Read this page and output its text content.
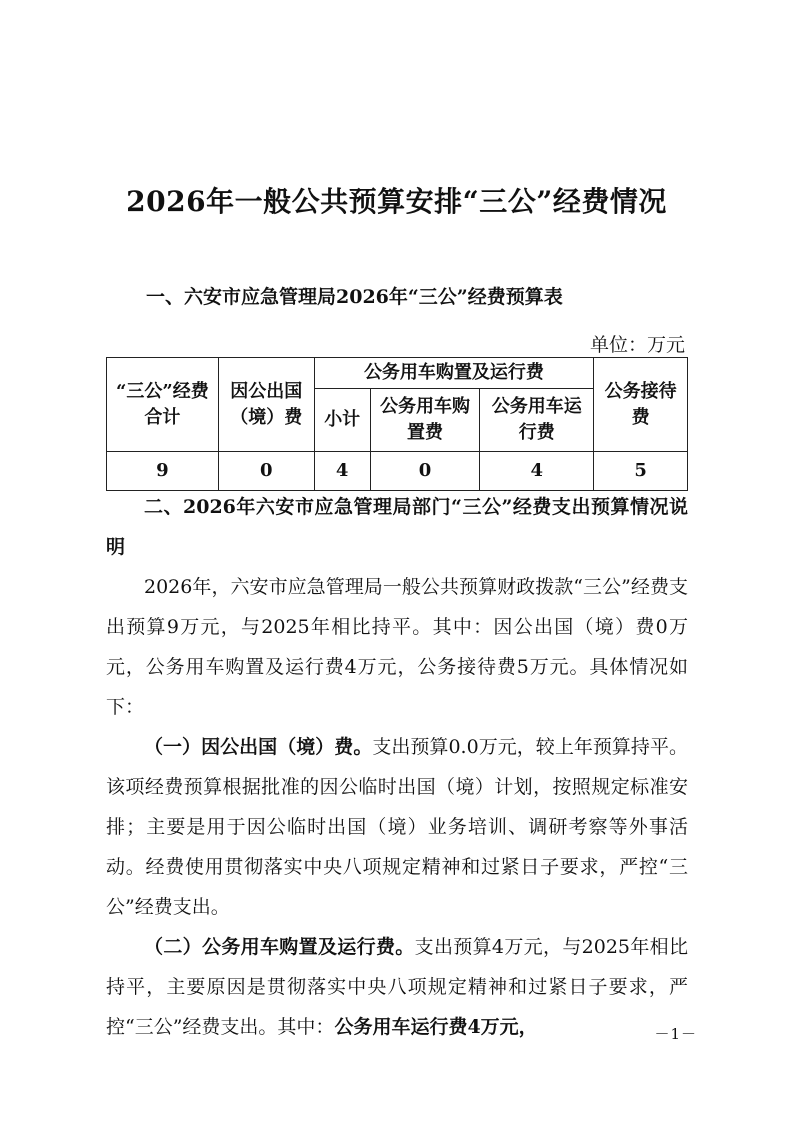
2026年一般公共预算安排“三公”经费情况
一、六安市应急管理局2026年“三公”经费预算表
单位：万元
“三公”经费合计	因公出国（境）费	公务用车购置及运行费			公务接待费
		小计	公务用车购置费	公务用车运行费	
9	0	4	0	4	5

二、2026年六安市应急管理局部门“三公”经费支出预算情况说明

2026年，六安市应急管理局一般公共预算财政拨款“三公”经费支出预算9万元，与2025年相比持平。其中：因公出国（境）费0万元，公务用车购置及运行费4万元，公务接待费5万元。具体情况如下：

（一）因公出国（境）费。支出预算0.0万元，较上年预算持平。该项经费预算根据批准的因公临时出国（境）计划，按照规定标准安排；主要是用于因公临时出国（境）业务培训、调研考察等外事活动。经费使用贯彻落实中央八项规定精神和过紧日子要求，严控“三公”经费支出。

（二）公务用车购置及运行费。支出预算4万元，与2025年相比持平，主要原因是贯彻落实中央八项规定精神和过紧日子要求，严控“三公”经费支出。其中：公务用车运行费4万元，	－1－
